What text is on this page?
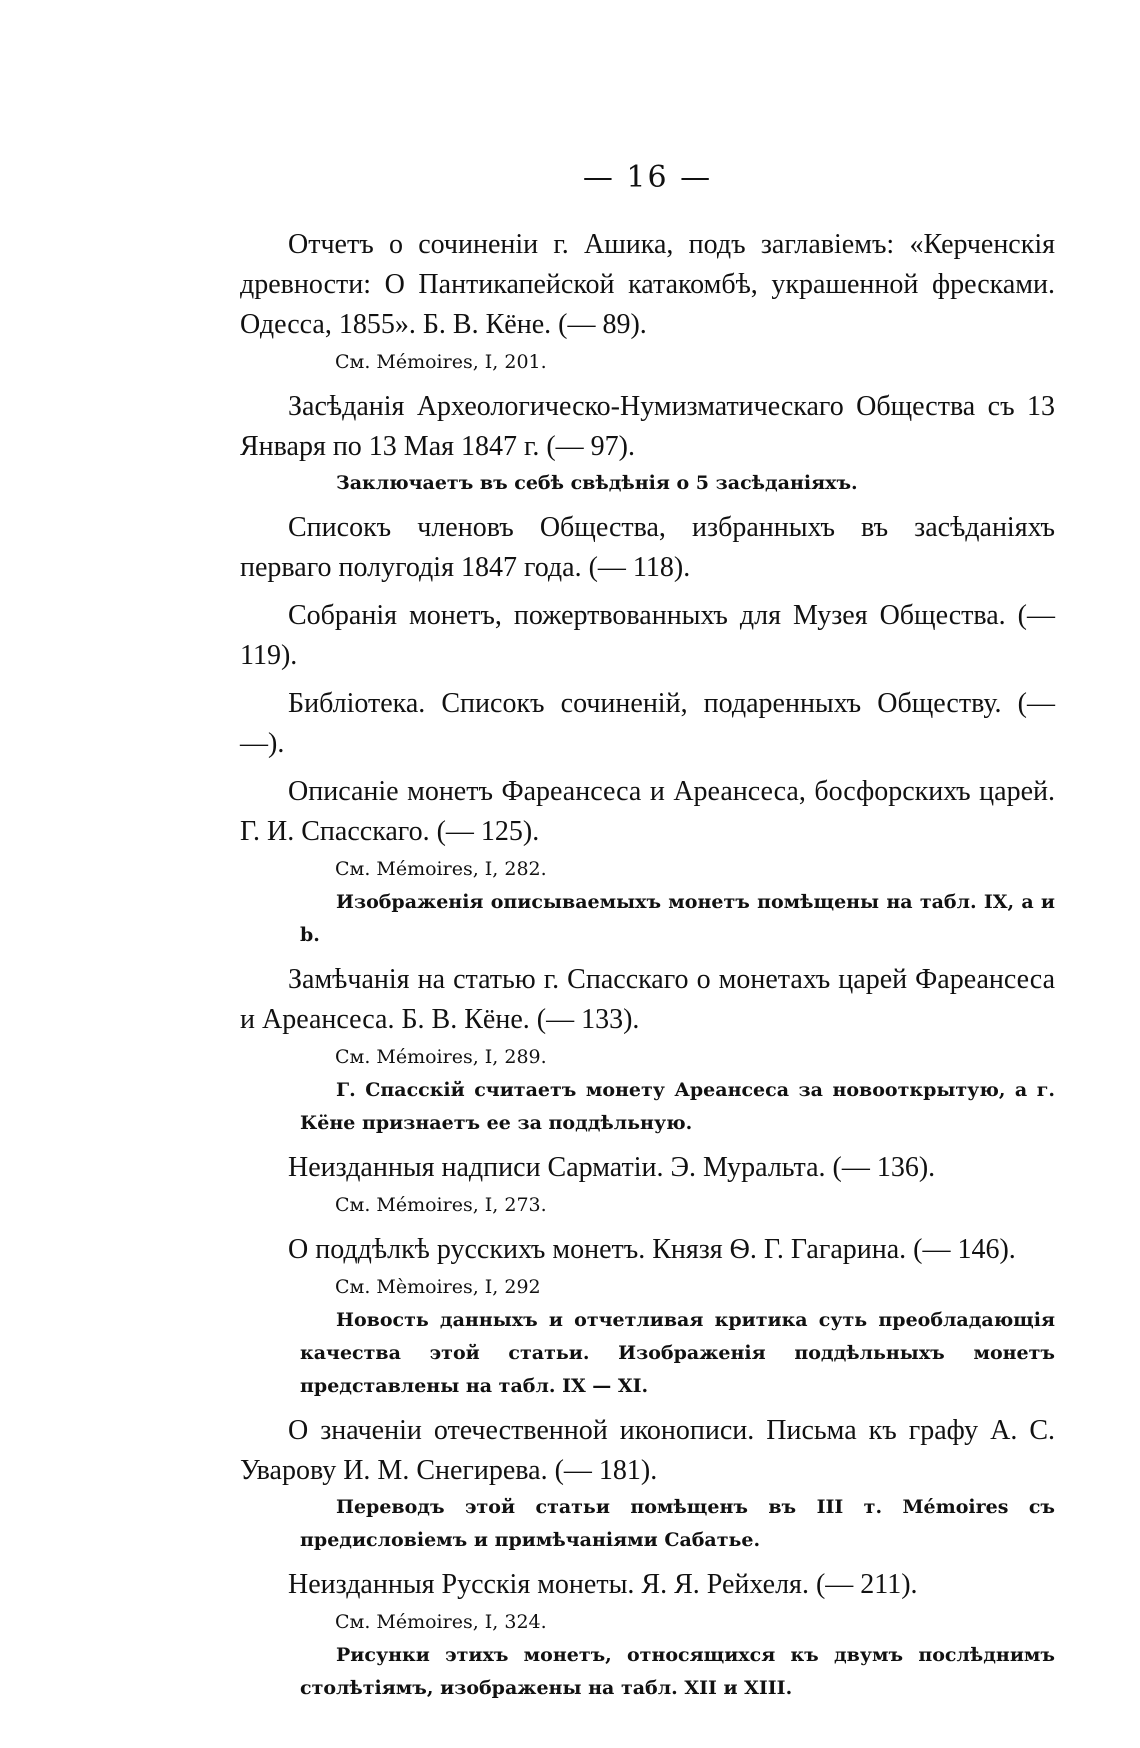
— 16 —

Отчетъ о сочиненіи г. Ашика, подъ заглавіемъ: «Керченскія древности: О Пантикапейской катакомбѣ, украшенной фресками. Одесса, 1855». Б. В. Кёне. (— 89).

См. Mémoires, I, 201.

Засѣданія Археологическо-Нумизматическаго Общества съ 13 Января по 13 Мая 1847 г. (— 97).

Заключаетъ въ себѣ свѣдѣнія о 5 засѣданіяхъ.

Списокъ членовъ Общества, избранныхъ въ засѣданіяхъ перваго полугодія 1847 года. (— 118).

Собранія монетъ, пожертвованныхъ для Музея Общества. (— 119).

Библіотека. Списокъ сочиненій, подаренныхъ Обществу. (— —).

Описаніе монетъ Фареансеса и Ареансеса, босфорскихъ царей. Г. И. Спасскаго. (— 125).

См. Mémoires, I, 282.

Изображенія описываемыхъ монетъ помѣщены на табл. IX, a и b.

Замѣчанія на статью г. Спасскаго о монетахъ царей Фареансеса и Ареансеса. Б. В. Кёне. (— 133).

См. Mémoires, I, 289.

Г. Спасскій считаетъ монету Ареансеса за новооткрытую, а г. Кёне признаетъ ее за поддѣльную.

Неизданныя надписи Сарматіи. Э. Муральта. (— 136).

См. Mémoires, I, 273.

О поддѣлкѣ русскихъ монетъ. Князя Ѳ. Г. Гагарина. (— 146).

См. Mèmoires, I, 292

Новость данныхъ и отчетливая критика суть преобладающія качества этой статьи. Изображенія поддѣльныхъ монетъ представлены на табл. IX — XI.

О значеніи отечественной иконописи. Письма къ графу А. С. Уварову И. М. Снегирева. (— 181).

Переводъ этой статьи помѣщенъ въ III т. Mémoires съ предисловіемъ и примѣчаніями Сабатье.

Неизданныя Русскія монеты. Я. Я. Рейхеля. (— 211).

См. Mémoires, I, 324.

Рисунки этихъ монетъ, относящихся къ двумъ послѣднимъ столѣтіямъ, изображены на табл. XII и XIII.
